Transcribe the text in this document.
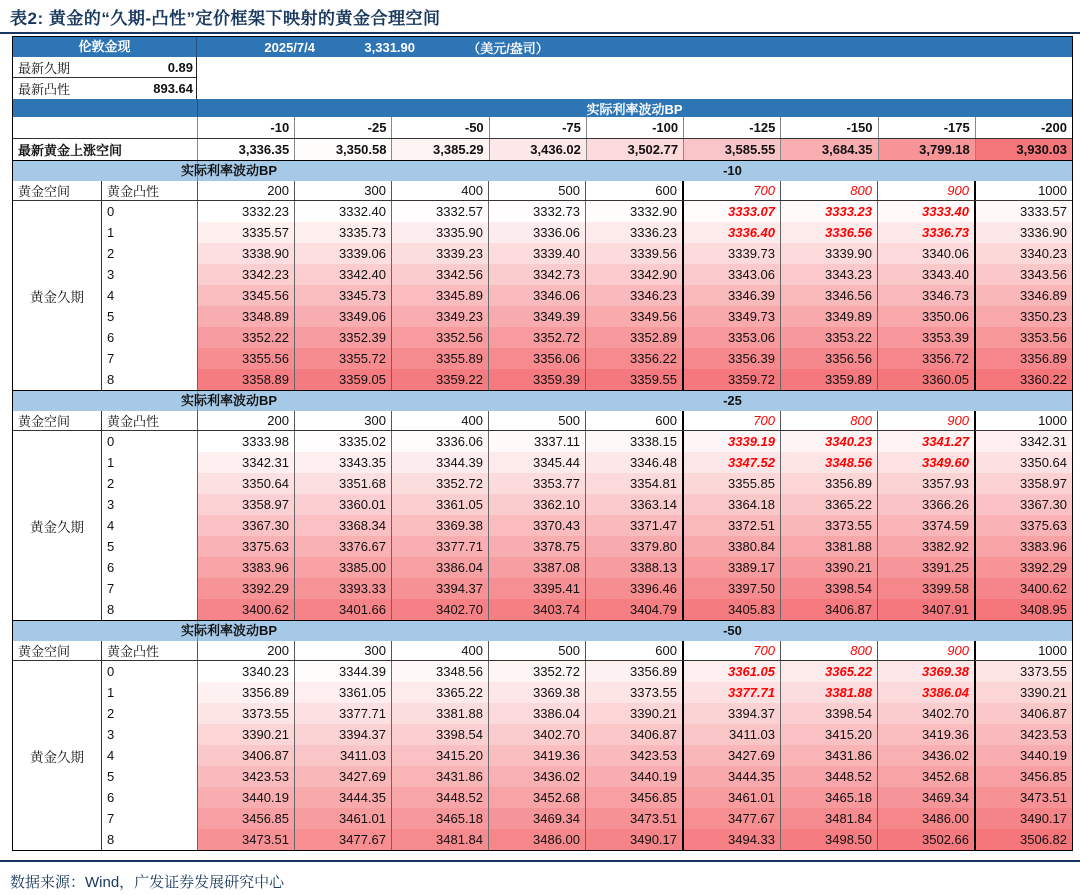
表2: 黄金的“久期-凸性”定价框架下映射的黄金合理空间
伦敦金现	2025/7/4	3,331.90	（美元/盎司）
最新久期	0.89
最新凸性	893.64
实际利率波动BP
-10	-25	-50	-75	-100	-125	-150	-175	-200
最新黄金上涨空间	3,336.35	3,350.58	3,385.29	3,436.02	3,502.77	3,585.55	3,684.35	3,799.18	3,930.03
实际利率波动BP	-10
黄金空间	黄金凸性	200	300	400	500	600	700	800	900	1000
0	3332.23	3332.40	3332.57	3332.73	3332.90	3333.07	3333.23	3333.40	3333.57
1	3335.57	3335.73	3335.90	3336.06	3336.23	3336.40	3336.56	3336.73	3336.90
2	3338.90	3339.06	3339.23	3339.40	3339.56	3339.73	3339.90	3340.06	3340.23
3	3342.23	3342.40	3342.56	3342.73	3342.90	3343.06	3343.23	3343.40	3343.56
4	3345.56	3345.73	3345.89	3346.06	3346.23	3346.39	3346.56	3346.73	3346.89
5	3348.89	3349.06	3349.23	3349.39	3349.56	3349.73	3349.89	3350.06	3350.23
6	3352.22	3352.39	3352.56	3352.72	3352.89	3353.06	3353.22	3353.39	3353.56
7	3355.56	3355.72	3355.89	3356.06	3356.22	3356.39	3356.56	3356.72	3356.89
8	3358.89	3359.05	3359.22	3359.39	3359.55	3359.72	3359.89	3360.05	3360.22
黄金久期
实际利率波动BP	-25
黄金空间	黄金凸性	200	300	400	500	600	700	800	900	1000
0	3333.98	3335.02	3336.06	3337.11	3338.15	3339.19	3340.23	3341.27	3342.31
1	3342.31	3343.35	3344.39	3345.44	3346.48	3347.52	3348.56	3349.60	3350.64
2	3350.64	3351.68	3352.72	3353.77	3354.81	3355.85	3356.89	3357.93	3358.97
3	3358.97	3360.01	3361.05	3362.10	3363.14	3364.18	3365.22	3366.26	3367.30
4	3367.30	3368.34	3369.38	3370.43	3371.47	3372.51	3373.55	3374.59	3375.63
5	3375.63	3376.67	3377.71	3378.75	3379.80	3380.84	3381.88	3382.92	3383.96
6	3383.96	3385.00	3386.04	3387.08	3388.13	3389.17	3390.21	3391.25	3392.29
7	3392.29	3393.33	3394.37	3395.41	3396.46	3397.50	3398.54	3399.58	3400.62
8	3400.62	3401.66	3402.70	3403.74	3404.79	3405.83	3406.87	3407.91	3408.95
黄金久期
实际利率波动BP	-50
黄金空间	黄金凸性	200	300	400	500	600	700	800	900	1000
0	3340.23	3344.39	3348.56	3352.72	3356.89	3361.05	3365.22	3369.38	3373.55
1	3356.89	3361.05	3365.22	3369.38	3373.55	3377.71	3381.88	3386.04	3390.21
2	3373.55	3377.71	3381.88	3386.04	3390.21	3394.37	3398.54	3402.70	3406.87
3	3390.21	3394.37	3398.54	3402.70	3406.87	3411.03	3415.20	3419.36	3423.53
4	3406.87	3411.03	3415.20	3419.36	3423.53	3427.69	3431.86	3436.02	3440.19
5	3423.53	3427.69	3431.86	3436.02	3440.19	3444.35	3448.52	3452.68	3456.85
6	3440.19	3444.35	3448.52	3452.68	3456.85	3461.01	3465.18	3469.34	3473.51
7	3456.85	3461.01	3465.18	3469.34	3473.51	3477.67	3481.84	3486.00	3490.17
8	3473.51	3477.67	3481.84	3486.00	3490.17	3494.33	3498.50	3502.66	3506.82
黄金久期
数据来源：Wind，广发证券发展研究中心
